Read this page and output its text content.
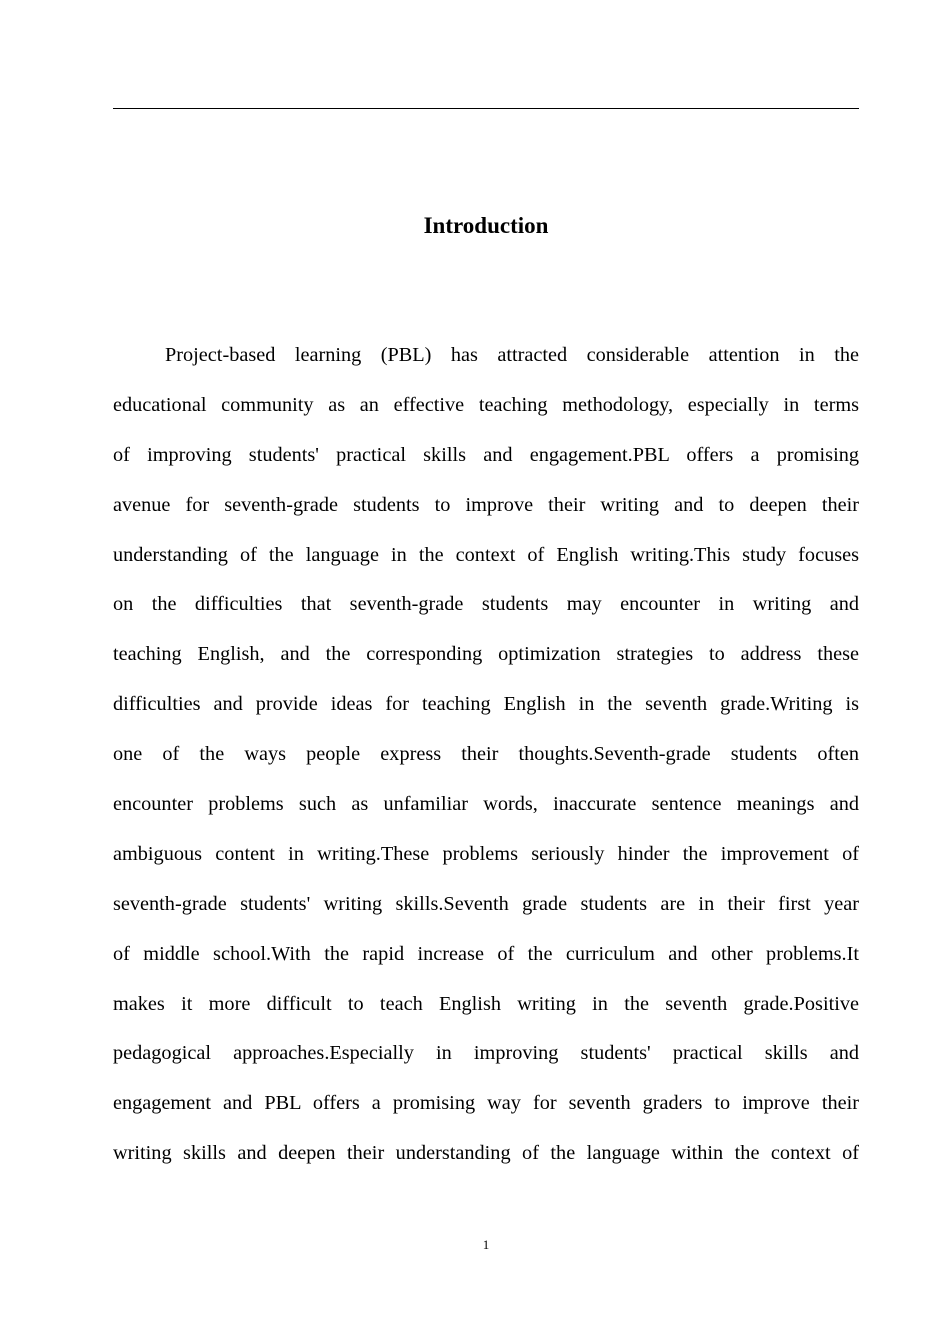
Introduction
Project-based learning (PBL) has attracted considerable attention in the
educational community as an effective teaching methodology, especially in terms
of improving students' practical skills and engagement.PBL offers a promising
avenue for seventh-grade students to improve their writing and to deepen their
understanding of the language in the context of English writing.This study focuses
on the difficulties that seventh-grade students may encounter in writing and
teaching English, and the corresponding optimization strategies to address these
difficulties and provide ideas for teaching English in the seventh grade.Writing is
one of the ways people express their thoughts.Seventh-grade students often
encounter problems such as unfamiliar words, inaccurate sentence meanings and
ambiguous content in writing.These problems seriously hinder the improvement of
seventh-grade students' writing skills.Seventh grade students are in their first year
of middle school.With the rapid increase of the curriculum and other problems.It
makes it more difficult to teach English writing in the seventh grade.Positive
pedagogical approaches.Especially in improving students' practical skills and
engagement and PBL offers a promising way for seventh graders to improve their
writing skills and deepen their understanding of the language within the context of
1
